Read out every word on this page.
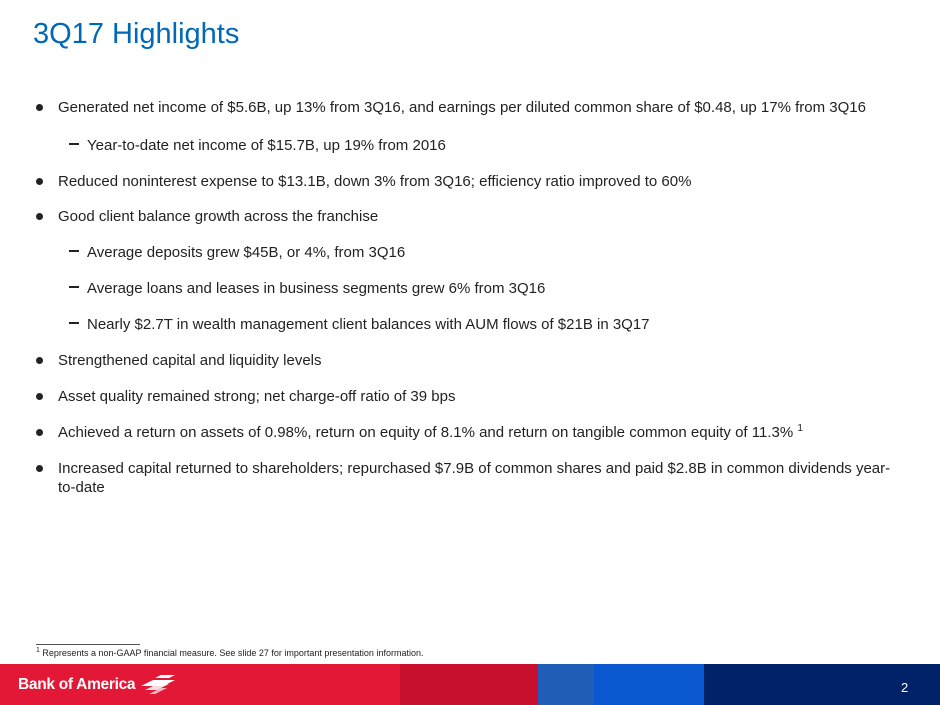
3Q17 Highlights
Generated net income of $5.6B, up 13% from 3Q16, and earnings per diluted common share of $0.48, up 17% from 3Q16
Year-to-date net income of $15.7B, up 19% from 2016
Reduced noninterest expense to $13.1B, down 3% from 3Q16; efficiency ratio improved to 60%
Good client balance growth across the franchise
Average deposits grew $45B, or 4%, from 3Q16
Average loans and leases in business segments grew 6% from 3Q16
Nearly $2.7T in wealth management client balances with AUM flows of $21B in 3Q17
Strengthened capital and liquidity levels
Asset quality remained strong; net charge-off ratio of 39 bps
Achieved a return on assets of 0.98%, return on equity of 8.1% and return on tangible common equity of 11.3% $^1$
Increased capital returned to shareholders; repurchased $7.9B of common shares and paid $2.8B in common dividends year-to-date
$^1$ Represents a non-GAAP financial measure. See slide 27 for important presentation information.
Bank of America	2
